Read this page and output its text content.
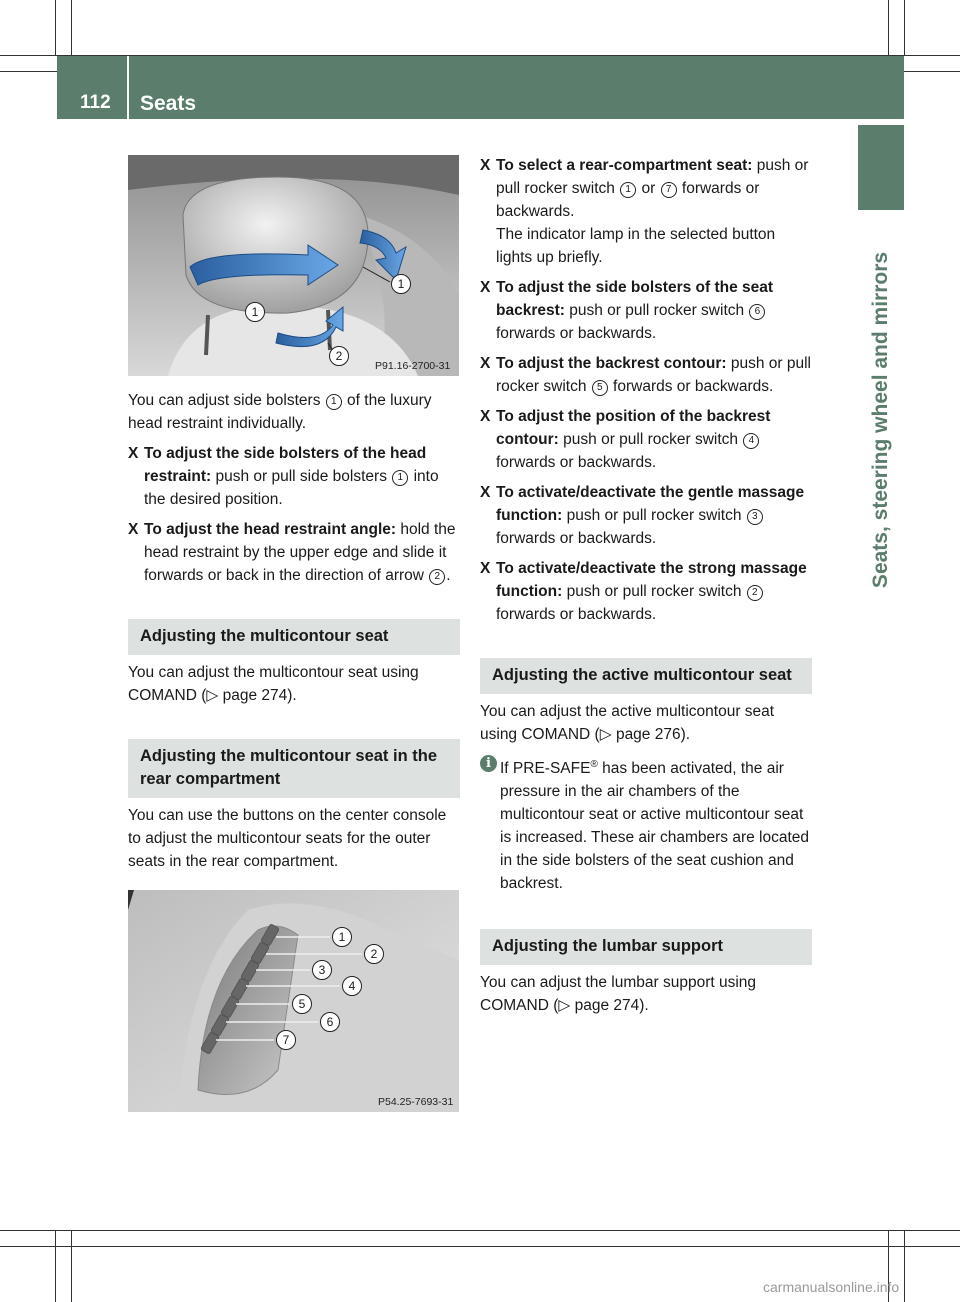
112 Seats
Seats, steering wheel and mirrors
1
1
2
P91.16-2700-31

You can adjust side bolsters 1 of the luxury head restraint individually.

X To adjust the side bolsters of the head restraint: push or pull side bolsters 1 into the desired position.

X To adjust the head restraint angle: hold the head restraint by the upper edge and slide it forwards or back in the direction of arrow 2 .

Adjusting the multicontour seat

You can adjust the multicontour seat using COMAND (▷ page 274).

Adjusting the multicontour seat in the rear compartment

You can use the buttons on the center console to adjust the multicontour seats for the outer seats in the rear compartment.

1
2
3
4
5
6
7
P54.25-7693-31

X To select a rear-compartment seat: push or pull rocker switch 1 or 7 forwards or backwards.
The indicator lamp in the selected button lights up briefly.

X To adjust the side bolsters of the seat backrest: push or pull rocker switch 6 forwards or backwards.

X To adjust the backrest contour: push or pull rocker switch 5 forwards or backwards.

X To adjust the position of the backrest contour: push or pull rocker switch 4 forwards or backwards.

X To activate/deactivate the gentle massage function: push or pull rocker switch 3 forwards or backwards.

X To activate/deactivate the strong massage function: push or pull rocker switch 2 forwards or backwards.

Adjusting the active multicontour seat

You can adjust the active multicontour seat using COMAND (▷ page 276).

i If PRE-SAFE® has been activated, the air pressure in the air chambers of the multicontour seat or active multicontour seat is increased. These air chambers are located in the side bolsters of the seat cushion and backrest.

Adjusting the lumbar support

You can adjust the lumbar support using COMAND (▷ page 274).

carmanualsonline.info
